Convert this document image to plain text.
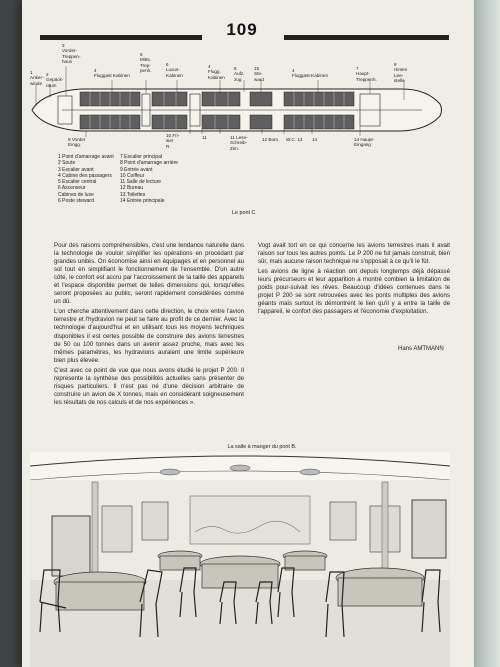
109
1
Anker-
winde
2
Gepäck-
raum
3
Vorder-
Treppen-
haus
4
Fluggast Kabinen
5
Mitts.
Trep-
penh.
6
Luxus-
Kabinen
4
Flugg.
Kabinen
5
Aufz.
zug
15
Ste-
ward
4
Fluggast-Kabinen
7
Haupt-
Treppenh.
8
Hinten
Lee-
stelle
9 Vorder
Eingg.
10 Fri-
sier
R.
11	11 Lese-
Schreib-
Zim.
12 Buro W.C. 13 14	14 Haupt-
Eingang
1 Point d'amarrage avant
2 Soute
3 Escalier avant
4 Cabine des passagers
5 Escalier central
6 Ascenseur
Cabines de luxe
6 Poste steward
7 Escalier principal
8 Point d'amarrage arrière
9 Entrée avant
10 Coiffeur
11 Salle de lecture
12 Bureau
13 Toilettes
14 Entrée principale
Le pont C

Pour des raisons compréhensibles, c'est une tendance naturelle dans la technologie de vouloir simplifier les opérations en procédant par grandes unités. On économise ainsi en équipages et en personnel au sol tout en simplifiant le fonctionnement de l'ensemble. D'un autre côté, le confort est accru par l'accroissement de la taille des appareils et l'espace disponible permet de telles dimensions qui, lorsqu'elles seront proposées au public, seront rapidement considérées comme un dû.

L'on cherche attentivement dans cette direction, le choix entre l'avion terrestre et l'hydravion ne peut se faire au profit de ce dernier. Avec la technologie d'aujourd'hui et en utilisant tous les moyens techniques disponibles il est certes possible de construire des avions terrestres de 50 ou 100 tonnes dans un avenir assez proche, mais avec les mêmes paramètres, les hydravions auraient une limite supérieure bien plus élevée.

C'est avec ce point de vue que nous avons étudié le projet P 200. Il représente la synthèse des possibilités actuelles sans présenter de risques particuliers. Il n'est pas né d'une décision arbitraire de construire un avion de X tonnes, mais en considérant soigneusement les résultats de nos calculs et de nos expériences ».

Vogt avait tort en ce qui concerne les avions terrestres mais il avait raison sur tous les autres points. Le P 200 ne fut jamais construit, bien sûr, mais aucune raison technique ne s'opposait à ce qu'il le fût.

Les avions de ligne à réaction ont depuis longtemps déjà dépassé leurs précurseurs et leur apparition a montré combien la limitation de poids pour-suivait les rêves. Beaucoup d'idées contenues dans le projet P 200 se sont retrouvées avec les ponts multiples des avions géants mais surtout ils démontrent le lien qu'il y a entre la taille de l'appareil, le confort des passagers et l'économie d'exploitation.

Hans AMTMANN
La salle à manger du pont B.
